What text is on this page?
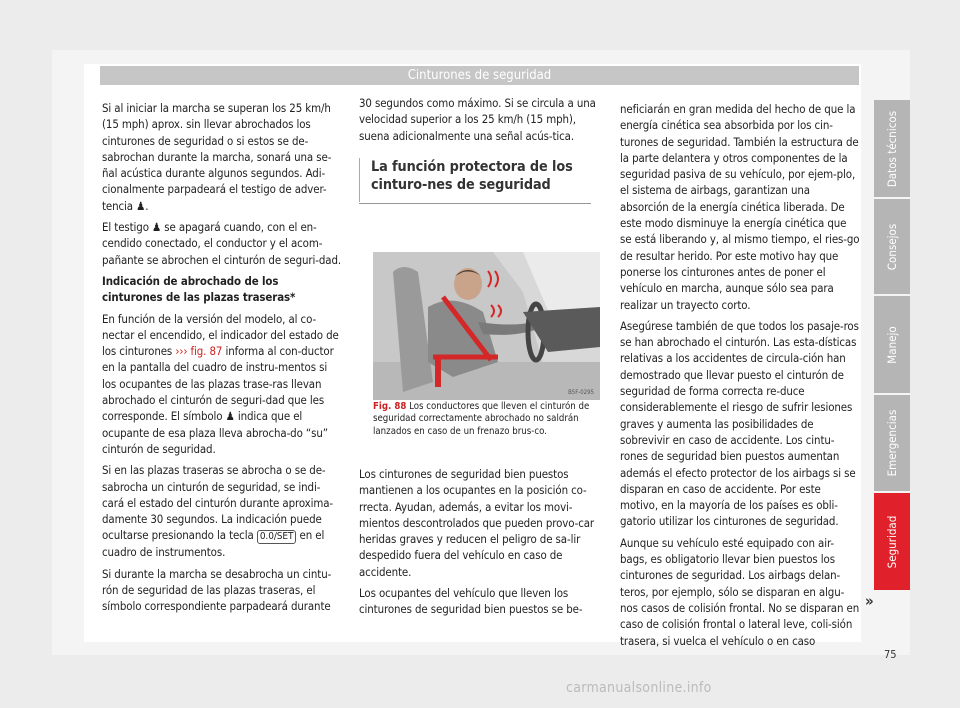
Cinturones de seguridad

Si al iniciar la marcha se superan los 25 km/h (15 mph) aprox. sin llevar abrochados los cinturones de seguridad o si estos se de-sabrochan durante la marcha, sonará una se-ñal acústica durante algunos segundos. Adi-cionalmente parpadeará el testigo de adver-tencia ♟.

El testigo ♟ se apagará cuando, con el en-cendido conectado, el conductor y el acom-pañante se abrochen el cinturón de seguri-dad.

Indicación de abrochado de los cinturones de las plazas traseras*

En función de la versión del modelo, al co-nectar el encendido, el indicador del estado de los cinturones ››› fig. 87 informa al con-ductor en la pantalla del cuadro de instru-mentos si los ocupantes de las plazas trase-ras llevan abrochado el cinturón de seguri-dad que les corresponde. El símbolo ♟ indica que el ocupante de esa plaza lleva abrocha-do “su” cinturón de seguridad.

Si en las plazas traseras se abrocha o se de-sabrocha un cinturón de seguridad, se indi-cará el estado del cinturón durante aproxima-damente 30 segundos. La indicación puede ocultarse presionando la tecla 0.0/SET en el cuadro de instrumentos.

Si durante la marcha se desabrocha un cintu-rón de seguridad de las plazas traseras, el símbolo correspondiente parpadeará durante

30 segundos como máximo. Si se circula a una velocidad superior a los 25 km/h (15 mph), suena adicionalmente una señal acús-tica.

La función protectora de los cinturo-nes de seguridad
B5F-0295
Fig. 88 Los conductores que lleven el cinturón de seguridad correctamente abrochado no saldrán lanzados en caso de un frenazo brus-co.

Los cinturones de seguridad bien puestos mantienen a los ocupantes en la posición co-rrecta. Ayudan, además, a evitar los movi-mientos descontrolados que pueden provo-car heridas graves y reducen el peligro de sa-lir despedido fuera del vehículo en caso de accidente.

Los ocupantes del vehículo que lleven los cinturones de seguridad bien puestos se be-

neficiarán en gran medida del hecho de que la energía cinética sea absorbida por los cin-turones de seguridad. También la estructura de la parte delantera y otros componentes de la seguridad pasiva de su vehículo, por ejem-plo, el sistema de airbags, garantizan una absorción de la energía cinética liberada. De este modo disminuye la energía cinética que se está liberando y, al mismo tiempo, el ries-go de resultar herido. Por este motivo hay que ponerse los cinturones antes de poner el vehículo en marcha, aunque sólo sea para realizar un trayecto corto.

Asegúrese también de que todos los pasaje-ros se han abrochado el cinturón. Las esta-dísticas relativas a los accidentes de circula-ción han demostrado que llevar puesto el cinturón de seguridad de forma correcta re-duce considerablemente el riesgo de sufrir lesiones graves y aumenta las posibilidades de sobrevivir en caso de accidente. Los cintu-rones de seguridad bien puestos aumentan además el efecto protector de los airbags si se disparan en caso de accidente. Por este motivo, en la mayoría de los países es obli-gatorio utilizar los cinturones de seguridad.

Aunque su vehículo esté equipado con air-bags, es obligatorio llevar bien puestos los cinturones de seguridad. Los airbags delan-teros, por ejemplo, sólo se disparan en algu-nos casos de colisión frontal. No se disparan en caso de colisión frontal o lateral leve, coli-sión trasera, si vuelca el vehículo o en caso

»
Datos técnicos
Consejos
Manejo
Emergencias
Seguridad
75
carmanualsonline.info
